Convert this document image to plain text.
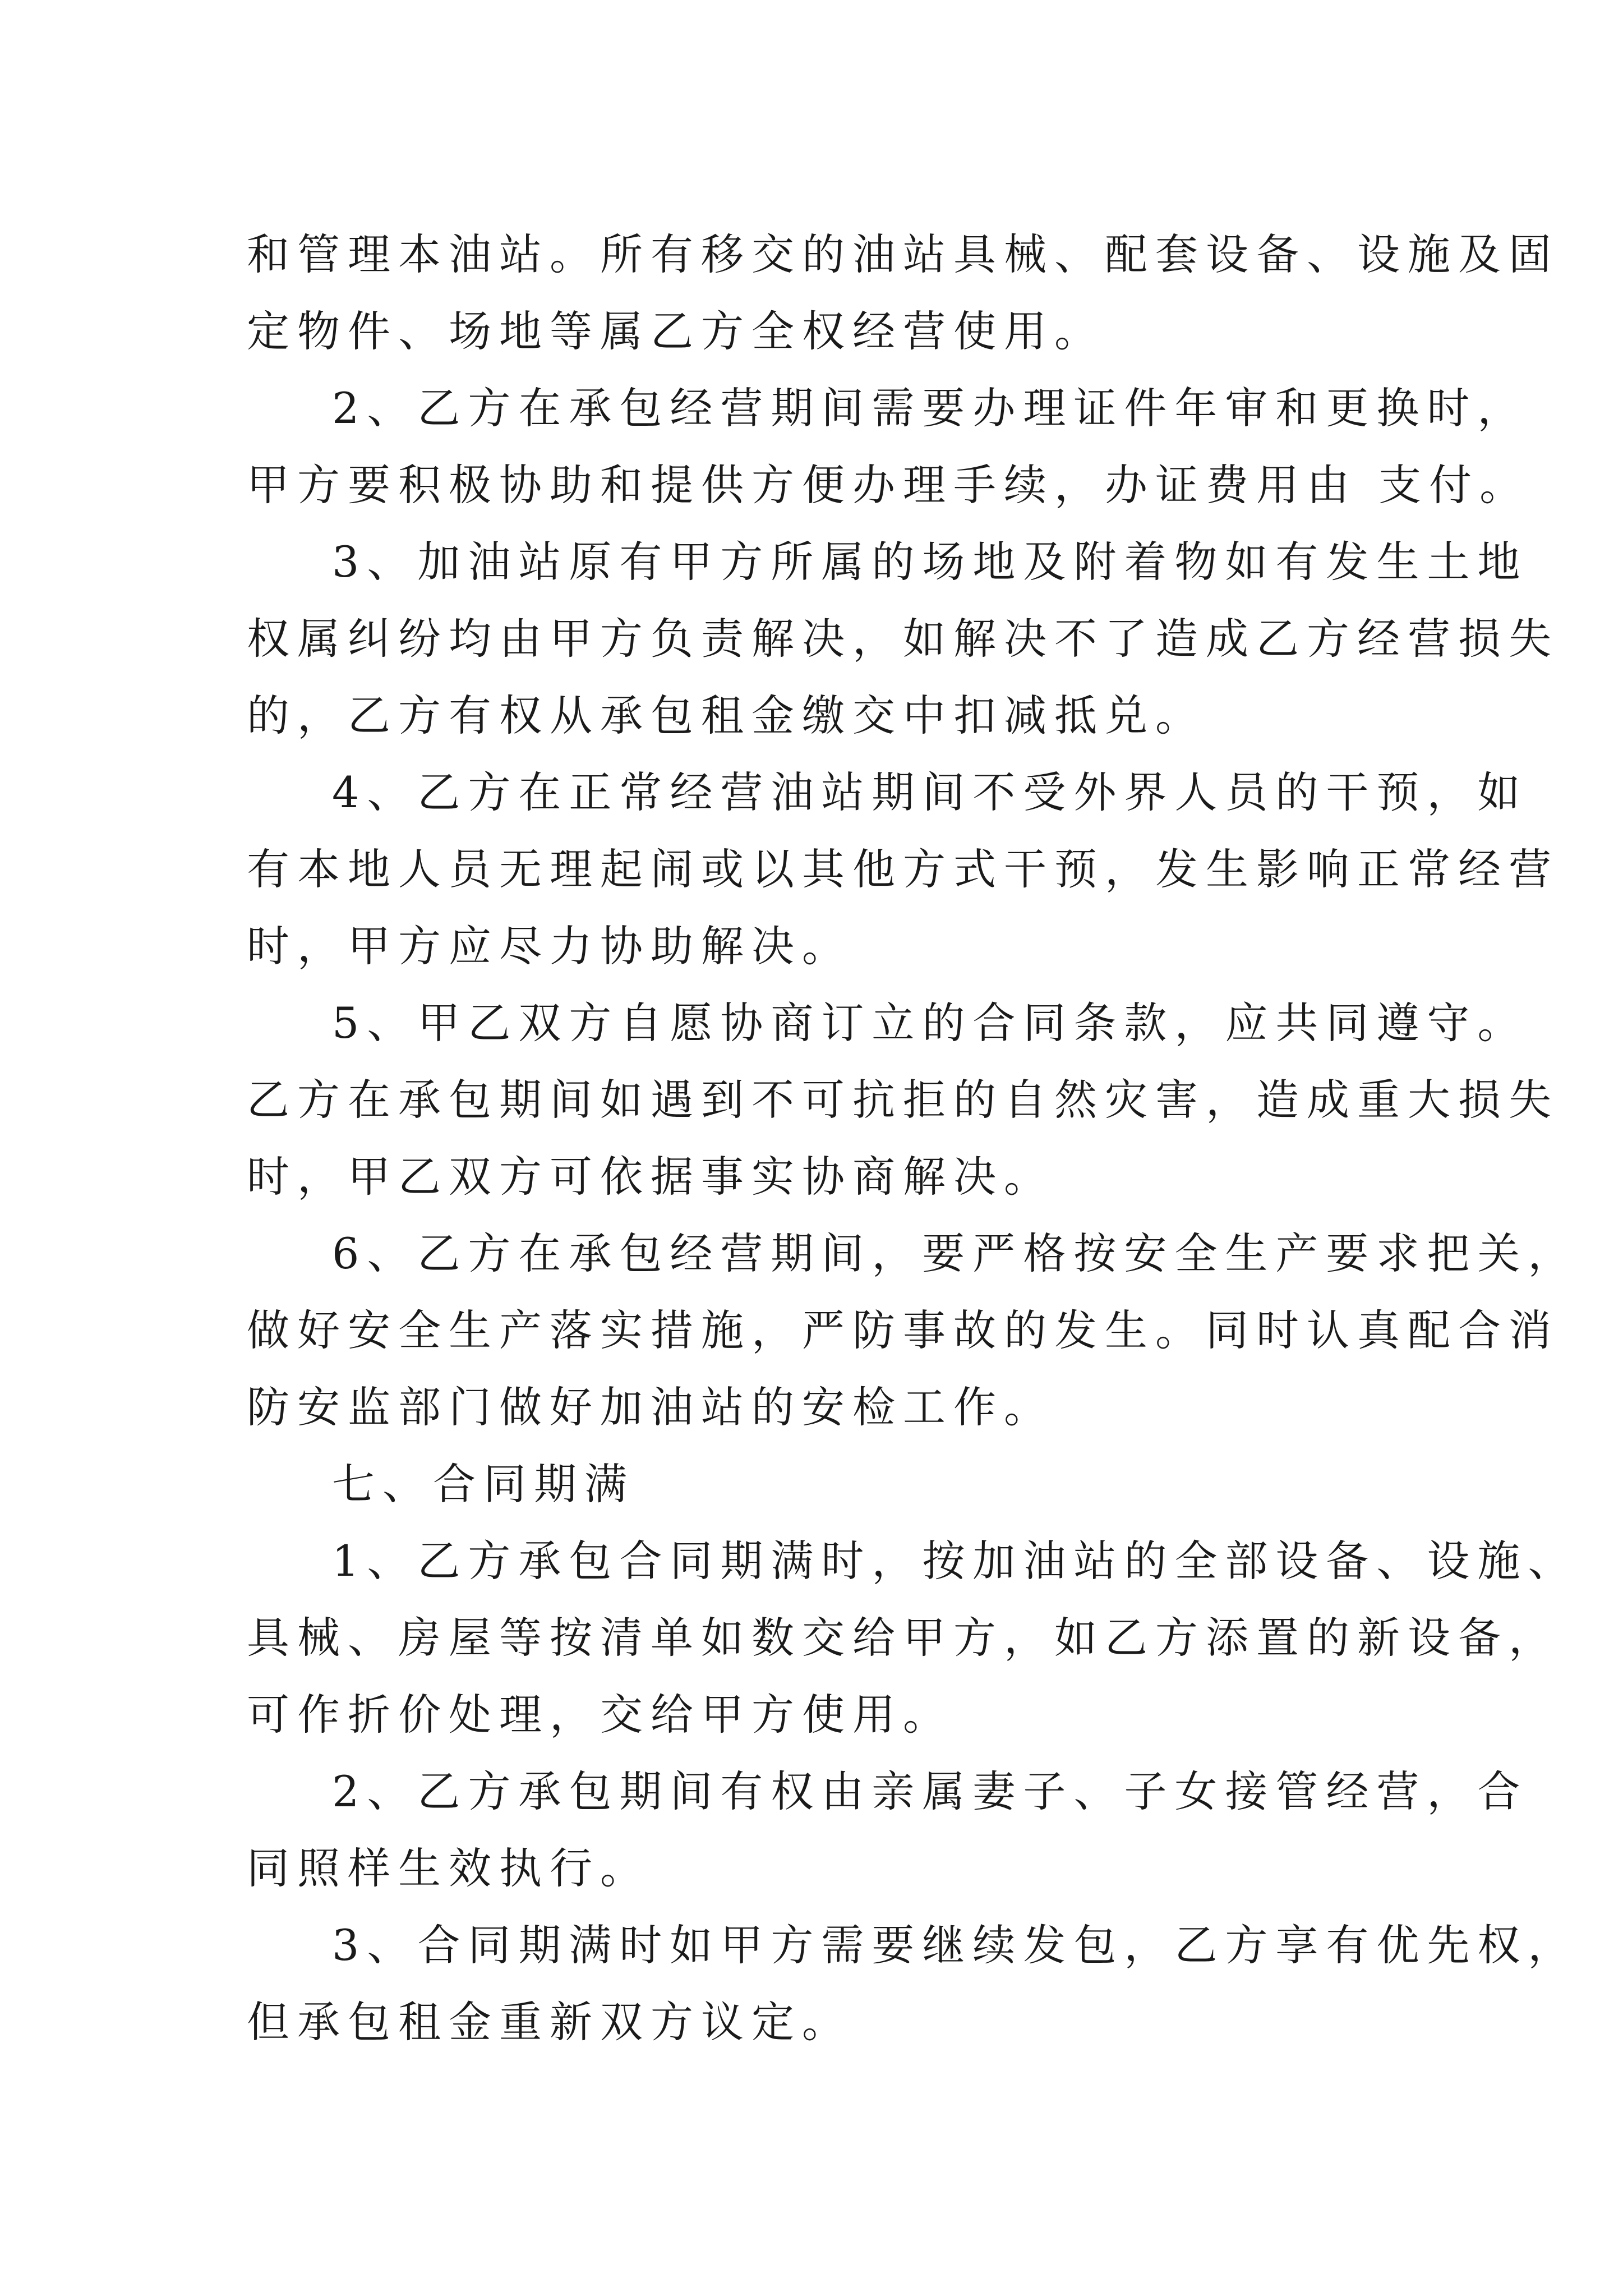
和管理本油站。所有移交的油站具械、配套设备、设施及固
定物件、场地等属乙方全权经营使用。
2、乙方在承包经营期间需要办理证件年审和更换时，
甲方要积极协助和提供方便办理手续，办证费用由 支付。
3、加油站原有甲方所属的场地及附着物如有发生土地
权属纠纷均由甲方负责解决，如解决不了造成乙方经营损失
的，乙方有权从承包租金缴交中扣减抵兑。
4、乙方在正常经营油站期间不受外界人员的干预，如
有本地人员无理起闹或以其他方式干预，发生影响正常经营
时，甲方应尽力协助解决。
5、甲乙双方自愿协商订立的合同条款，应共同遵守。
乙方在承包期间如遇到不可抗拒的自然灾害，造成重大损失
时，甲乙双方可依据事实协商解决。
6、乙方在承包经营期间，要严格按安全生产要求把关，
做好安全生产落实措施，严防事故的发生。同时认真配合消
防安监部门做好加油站的安检工作。
七、合同期满
1、乙方承包合同期满时，按加油站的全部设备、设施、
具械、房屋等按清单如数交给甲方，如乙方添置的新设备，
可作折价处理，交给甲方使用。
2、乙方承包期间有权由亲属妻子、子女接管经营，合
同照样生效执行。
3、合同期满时如甲方需要继续发包，乙方享有优先权，
但承包租金重新双方议定。
